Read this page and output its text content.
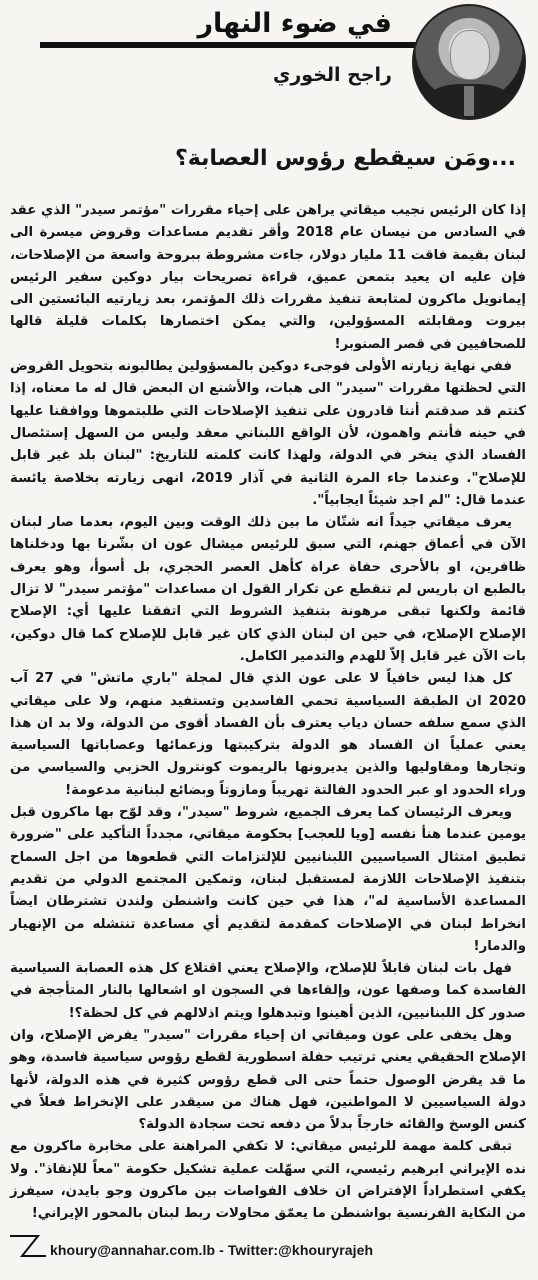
في ضوء النهار
راجح الخوري
...ومَن سيقطع رؤوس العصابة؟

إذا كان الرئيس نجيب ميقاتي يراهن على إحياء مقررات "مؤتمر سيدر" الذي عقد في السادس من نيسان عام 2018 وأقر تقديم مساعدات وقروض ميسرة الى لبنان بقيمة فاقت 11 مليار دولار، جاءت مشروطة ببروحة واسعة من الإصلاحات، فإن عليه ان يعيد بتمعن عميق، قراءة تصريحات بيار دوكين سفير الرئيس إيمانويل ماكرون لمتابعة تنفيذ مقررات ذلك المؤتمر، بعد زيارتيه البائستين الى بيروت ومقابلته المسؤولين، والتي يمكن اختصارها بكلمات قليلة قالها للصحافيين في قصر الصنوبر!

ففي نهاية زيارته الأولى فوجىء دوكين بالمسؤولين يطالبونه بتحويل القروض التي لحظتها مقررات "سيدر" الى هبات، والأشنع ان البعض قال له ما معناه، إذا كنتم قد صدقتم أننا قادرون على تنفيذ الإصلاحات التي طلبتموها ووافقنا عليها في حينه فأنتم واهمون، لأن الواقع اللبناني معقد وليس من السهل إستئصال الفساد الذي ينخر في الدولة، ولهذا كانت كلمته للتاريخ: "لبنان بلد غير قابل للإصلاح". وعندما جاء المرة الثانية في آذار 2019، انهى زيارته بخلاصة يائسة عندما قال: "لم اجد شيئاً ايجابياً".

يعرف ميقاتي جيداً انه شتّان ما بين ذلك الوقت وبين اليوم، بعدما صار لبنان الآن في أعماق جهنم، التي سبق للرئيس ميشال عون ان بشّرنا بها ودخلناها ظافرين، او بالأحرى حفاة عراة كأهل العصر الحجري، بل أسوأ، وهو يعرف بالطبع ان باريس لم تنقطع عن تكرار القول ان مساعدات "مؤتمر سيدر" لا تزال قائمة ولكنها تبقى مرهونة بتنفيذ الشروط التي اتفقنا عليها أي: الإصلاح الإصلاح الإصلاح، في حين ان لبنان الذي كان غير قابل للإصلاح كما قال دوكين، بات الآن غير قابل إلاّ للهدم والتدمير الكامل.

كل هذا ليس خافياً لا على عون الذي قال لمجلة "باري ماتش" في 27 آب 2020 ان الطبقة السياسية تحمي الفاسدين وتستفيد منهم، ولا على ميقاتي الذي سمع سلفه حسان دياب يعترف بأن الفساد أقوى من الدولة، ولا بد ان هذا يعني عملياً ان الفساد هو الدولة بتركيبتها وزعمائها وعصاباتها السياسية وتجارها ومقاوليها والذين يديرونها بالريموت كونترول الحزبي والسياسي من وراء الحدود او عبر الحدود الفالتة تهريباً ومازوتاً وبضائع لبنانية مدعومة!

ويعرف الرئيسان كما يعرف الجميع، شروط "سيدر"، وقد لوّح بها ماكرون قبل يومين عندما هنأ نفسه [ويا للعجب] بحكومة ميقاتي، مجدداً التأكيد على "ضرورة تطبيق امتثال السياسيين اللبنانيين للإلتزامات التي قطعوها من اجل السماح بتنفيذ الإصلاحات اللازمة لمستقبل لبنان، وتمكين المجتمع الدولي من تقديم المساعدة الأساسية له"، هذا في حين كانت واشنطن ولندن تشترطان ايضاً انخراط لبنان في الإصلاحات كمقدمة لتقديم أي مساعدة تنتشله من الإنهيار والدمار!

فهل بات لبنان قابلاً للإصلاح، والإصلاح يعني اقتلاع كل هذه العصابة السياسية الفاسدة كما وصفها عون، وإلقاءها في السجون او اشعالها بالنار المتأججة في صدور كل اللبنانيين، الذين أهينوا وتبدهلوا ويتم اذلالهم في كل لحظة؟!

وهل يخفى على عون وميقاتي ان إحياء مقررات "سيدر" يفرض الإصلاح، وان الإصلاح الحقيقي يعني ترتيب حفلة اسطورية لقطع رؤوس سياسية فاسدة، وهو ما قد يفرض الوصول حتماً حتى الى قطع رؤوس كثيرة في هذه الدولة، لأنها دولة السياسيين لا المواطنين، فهل هناك من سيقدر على الإنخراط فعلاً في كنس الوسخ والقائه خارجاً بدلاً من دفعه تحت سجادة الدولة؟

تبقى كلمة مهمة للرئيس ميقاتي: لا تكفي المراهنة على مخابرة ماكرون مع نده الإيراني ابرهيم رئيسي، التي سهّلت عملية تشكيل حكومة "معاً للإنقاذ". ولا يكفي استطراداً الإفتراض ان خلاف الفواصات بين ماكرون وجو بايدن، سيفرز من النكاية الفرنسية بواشنطن ما يعمّق محاولات ربط لبنان بالمحور الإيراني!

khoury@annahar.com.lb - Twitter:@khouryrajeh
